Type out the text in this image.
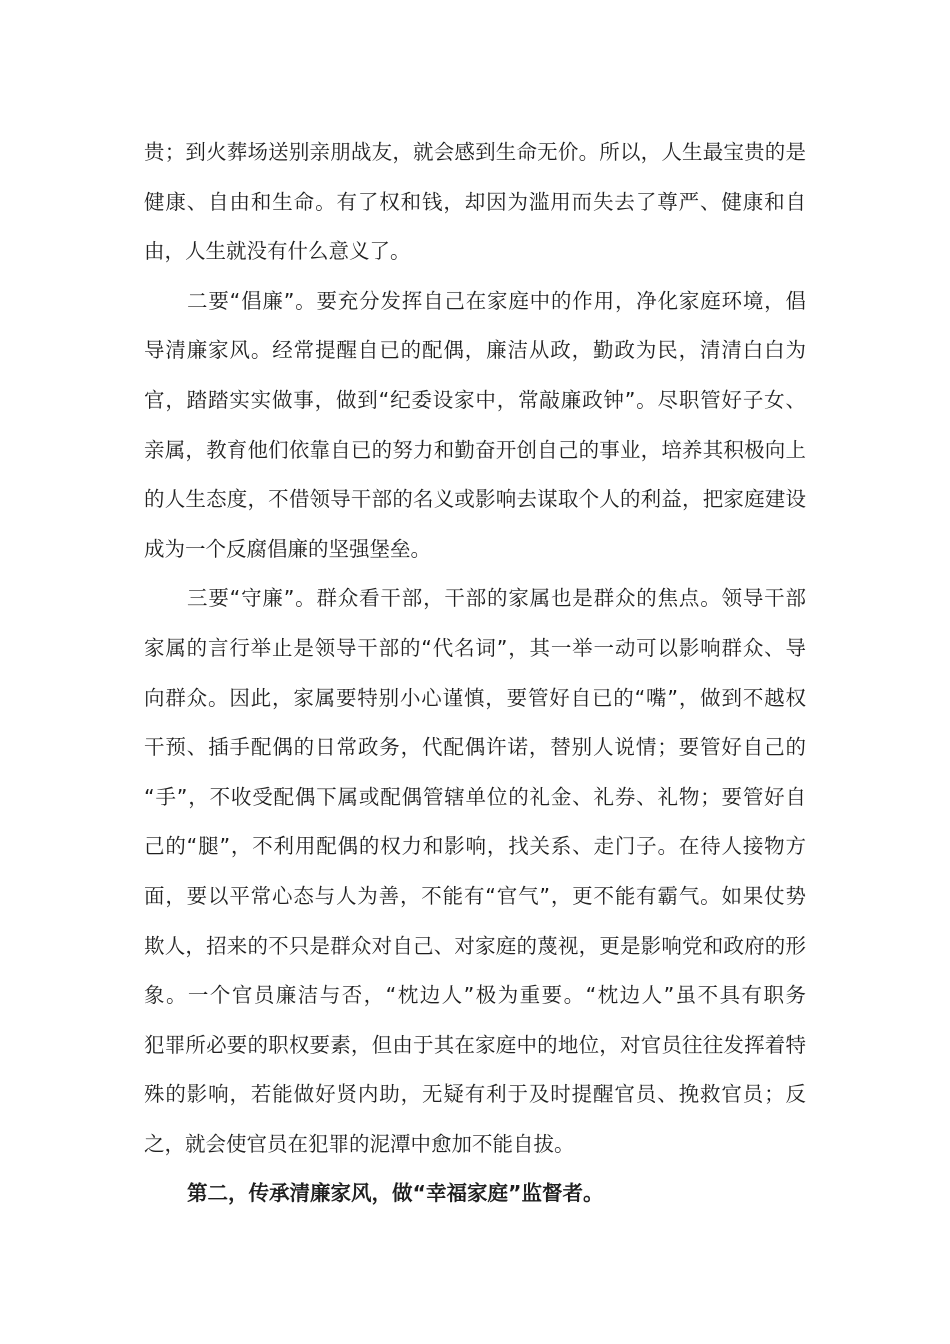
贵；到火葬场送别亲朋战友，就会感到生命无价。所以，人生最宝贵的是
健康、自由和生命。有了权和钱，却因为滥用而失去了尊严、健康和自
由，人生就没有什么意义了。
二要“倡廉”。要充分发挥自己在家庭中的作用，净化家庭环境，倡
导清廉家风。经常提醒自已的配偶，廉洁从政，勤政为民，清清白白为
官，踏踏实实做事，做到“纪委设家中，常敲廉政钟”。尽职管好子女、
亲属，教育他们依靠自已的努力和勤奋开创自己的事业，培养其积极向上
的人生态度，不借领导干部的名义或影响去谋取个人的利益，把家庭建设
成为一个反腐倡廉的坚强堡垒。
三要“守廉”。群众看干部，干部的家属也是群众的焦点。领导干部
家属的言行举止是领导干部的“代名词”，其一举一动可以影响群众、导
向群众。因此，家属要特别小心谨慎，要管好自已的“嘴”，做到不越权
干预、插手配偶的日常政务，代配偶许诺，替别人说情；要管好自己的
“手”，不收受配偶下属或配偶管辖单位的礼金、礼券、礼物；要管好自
己的“腿”，不利用配偶的权力和影响，找关系、走门子。在待人接物方
面，要以平常心态与人为善，不能有“官气”，更不能有霸气。如果仗势
欺人，招来的不只是群众对自己、对家庭的蔑视，更是影响党和政府的形
象。一个官员廉洁与否，“枕边人”极为重要。“枕边人”虽不具有职务
犯罪所必要的职权要素，但由于其在家庭中的地位，对官员往往发挥着特
殊的影响，若能做好贤内助，无疑有利于及时提醒官员、挽救官员；反
之，就会使官员在犯罪的泥潭中愈加不能自拔。
第二，传承清廉家风，做“幸福家庭”监督者。
